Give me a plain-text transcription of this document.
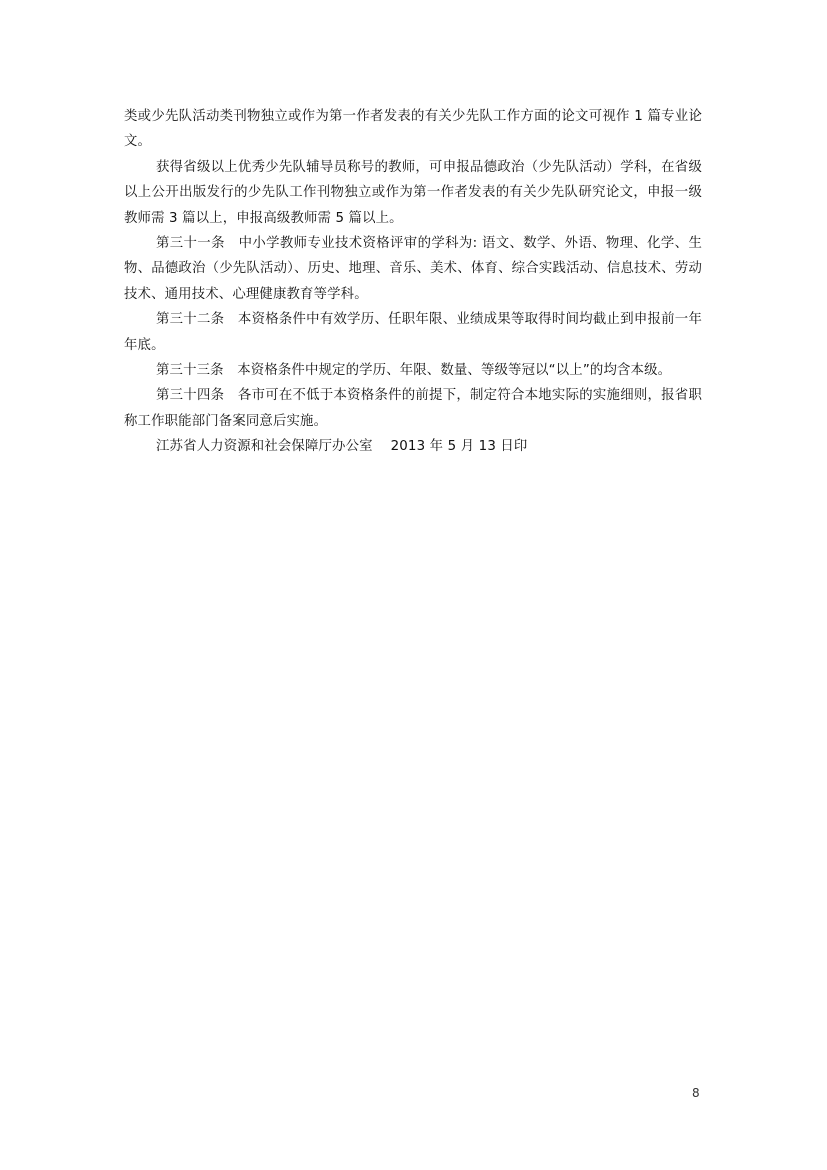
类或少先队活动类刊物独立或作为第一作者发表的有关少先队工作方面的论文可视作 1 篇专业论文。

获得省级以上优秀少先队辅导员称号的教师，可申报品德政治（少先队活动）学科，在省级以上公开出版发行的少先队工作刊物独立或作为第一作者发表的有关少先队研究论文，申报一级教师需 3 篇以上，申报高级教师需 5 篇以上。

第三十一条　中小学教师专业技术资格评审的学科为: 语文、数学、外语、物理、化学、生物、品德政治（少先队活动）、历史、地理、音乐、美术、体育、综合实践活动、信息技术、劳动技术、通用技术、心理健康教育等学科。

第三十二条　本资格条件中有效学历、任职年限、业绩成果等取得时间均截止到申报前一年年底。

第三十三条　本资格条件中规定的学历、年限、数量、等级等冠以“以上”的均含本级。

第三十四条　各市可在不低于本资格条件的前提下，制定符合本地实际的实施细则，报省职称工作职能部门备案同意后实施。

江苏省人力资源和社会保障厅办公室　 2013 年 5 月 13 日印

8
